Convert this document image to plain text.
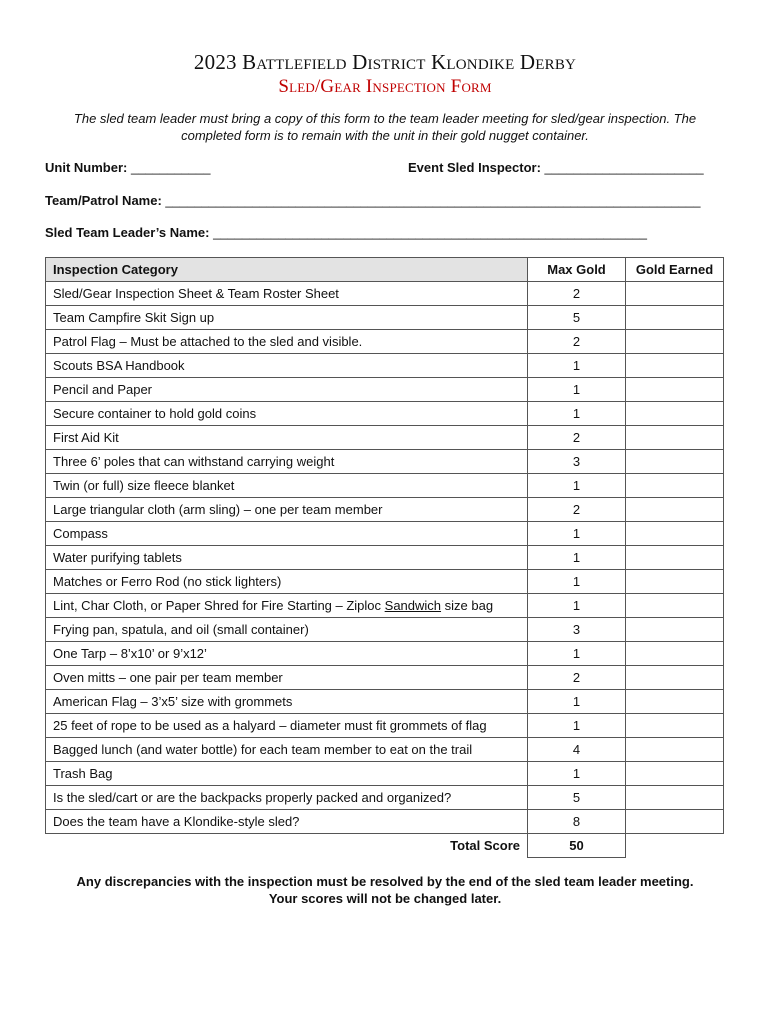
2023 Battlefield District Klondike Derby
Sled/Gear Inspection Form
The sled team leader must bring a copy of this form to the team leader meeting for sled/gear inspection. The completed form is to remain with the unit in their gold nugget container.
Unit Number: ___________	Event Sled Inspector: ______________________
Team/Patrol Name: __________________________________________________________________________
Sled Team Leader’s Name: ____________________________________________________________
Inspection Category	Max Gold	Gold Earned
Sled/Gear Inspection Sheet & Team Roster Sheet	2	
Team Campfire Skit Sign up	5	
Patrol Flag – Must be attached to the sled and visible.	2	
Scouts BSA Handbook	1	
Pencil and Paper	1	
Secure container to hold gold coins	1	
First Aid Kit	2	
Three 6’ poles that can withstand carrying weight	3	
Twin (or full) size fleece blanket	1	
Large triangular cloth (arm sling) – one per team member	2	
Compass	1	
Water purifying tablets	1	
Matches or Ferro Rod (no stick lighters)	1	
Lint, Char Cloth, or Paper Shred for Fire Starting – Ziploc Sandwich size bag	1	
Frying pan, spatula, and oil (small container)	3	
One Tarp – 8’x10’ or 9’x12’	1	
Oven mitts – one pair per team member	2	
American Flag – 3’x5’ size with grommets	1	
25 feet of rope to be used as a halyard – diameter must fit grommets of flag	1	
Bagged lunch (and water bottle) for each team member to eat on the trail	4	
Trash Bag	1	
Is the sled/cart or are the backpacks properly packed and organized?	5	
Does the team have a Klondike-style sled?	8	
Total Score	50	
Any discrepancies with the inspection must be resolved by the end of the sled team leader meeting.
Your scores will not be changed later.
